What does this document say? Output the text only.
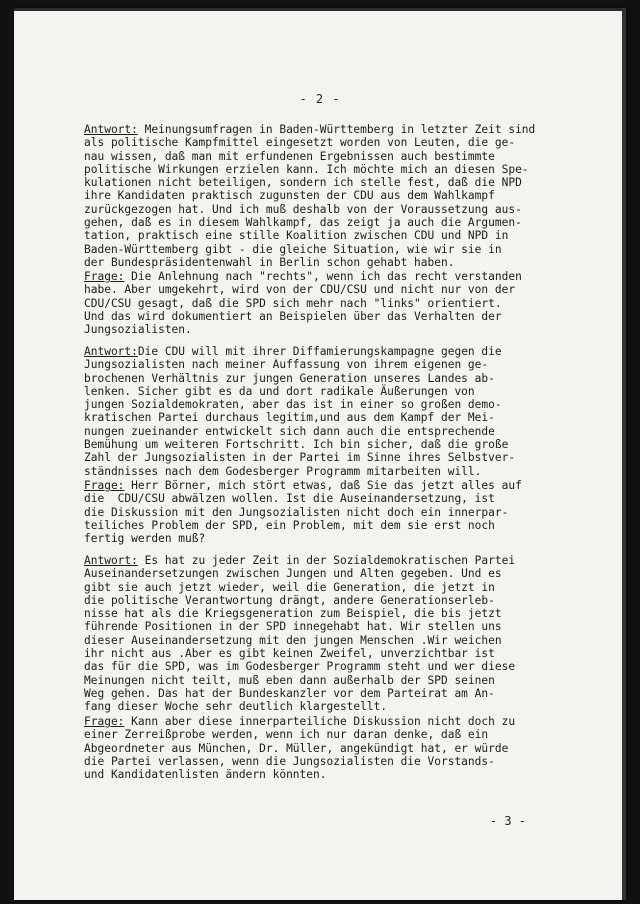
- 2 -
Antwort: Meinungsumfragen in Baden-Württemberg in letzter Zeit sind
als politische Kampfmittel eingesetzt worden von Leuten, die ge-
nau wissen, daß man mit erfundenen Ergebnissen auch bestimmte
politische Wirkungen erzielen kann. Ich möchte mich an diesen Spe-
kulationen nicht beteiligen, sondern ich stelle fest, daß die NPD
ihre Kandidaten praktisch zugunsten der CDU aus dem Wahlkampf
zurückgezogen hat. Und ich muß deshalb von der Voraussetzung aus-
gehen, daß es in diesem Wahlkampf, das zeigt ja auch die Argumen-
tation, praktisch eine stille Koalition zwischen CDU und NPD in
Baden-Württemberg gibt - die gleiche Situation, wie wir sie in
der Bundespräsidentenwahl in Berlin schon gehabt haben.
Frage: Die Anlehnung nach "rechts", wenn ich das recht verstanden
habe. Aber umgekehrt, wird von der CDU/CSU und nicht nur von der
CDU/CSU gesagt, daß die SPD sich mehr nach "links" orientiert.
Und das wird dokumentiert an Beispielen über das Verhalten der
Jungsozialisten.
Antwort:Die CDU will mit ihrer Diffamierungskampagne gegen die
Jungsozialisten nach meiner Auffassung von ihrem eigenen ge-
brochenen Verhältnis zur jungen Generation unseres Landes ab-
lenken. Sicher gibt es da und dort radikale Äußerungen von
jungen Sozialdemokraten, aber das ist in einer so großen demo-
kratischen Partei durchaus legitim,und aus dem Kampf der Mei-
nungen zueinander entwickelt sich dann auch die entsprechende
Bemühung um weiteren Fortschritt. Ich bin sicher, daß die große
Zahl der Jungsozialisten in der Partei im Sinne ihres Selbstver-
ständnisses nach dem Godesberger Programm mitarbeiten will.
Frage: Herr Börner, mich stört etwas, daß Sie das jetzt alles auf
die  CDU/CSU abwälzen wollen. Ist die Auseinandersetzung, ist
die Diskussion mit den Jungsozialisten nicht doch ein innerpar-
teiliches Problem der SPD, ein Problem, mit dem sie erst noch
fertig werden muß?
Antwort: Es hat zu jeder Zeit in der Sozialdemokratischen Partei
Auseinandersetzungen zwischen Jungen und Alten gegeben. Und es
gibt sie auch jetzt wieder, weil die Generation, die jetzt in
die politische Verantwortung drängt, andere Generationserleb-
nisse hat als die Kriegsgeneration zum Beispiel, die bis jetzt
führende Positionen in der SPD innegehabt hat. Wir stellen uns
dieser Auseinandersetzung mit den jungen Menschen .Wir weichen
ihr nicht aus .Aber es gibt keinen Zweifel, unverzichtbar ist
das für die SPD, was im Godesberger Programm steht und wer diese
Meinungen nicht teilt, muß eben dann außerhalb der SPD seinen
Weg gehen. Das hat der Bundeskanzler vor dem Parteirat am An-
fang dieser Woche sehr deutlich klargestellt.
Frage: Kann aber diese innerparteiliche Diskussion nicht doch zu
einer Zerreißprobe werden, wenn ich nur daran denke, daß ein
Abgeordneter aus München, Dr. Müller, angekündigt hat, er würde
die Partei verlassen, wenn die Jungsozialisten die Vorstands-
und Kandidatenlisten ändern könnten.
- 3 -
